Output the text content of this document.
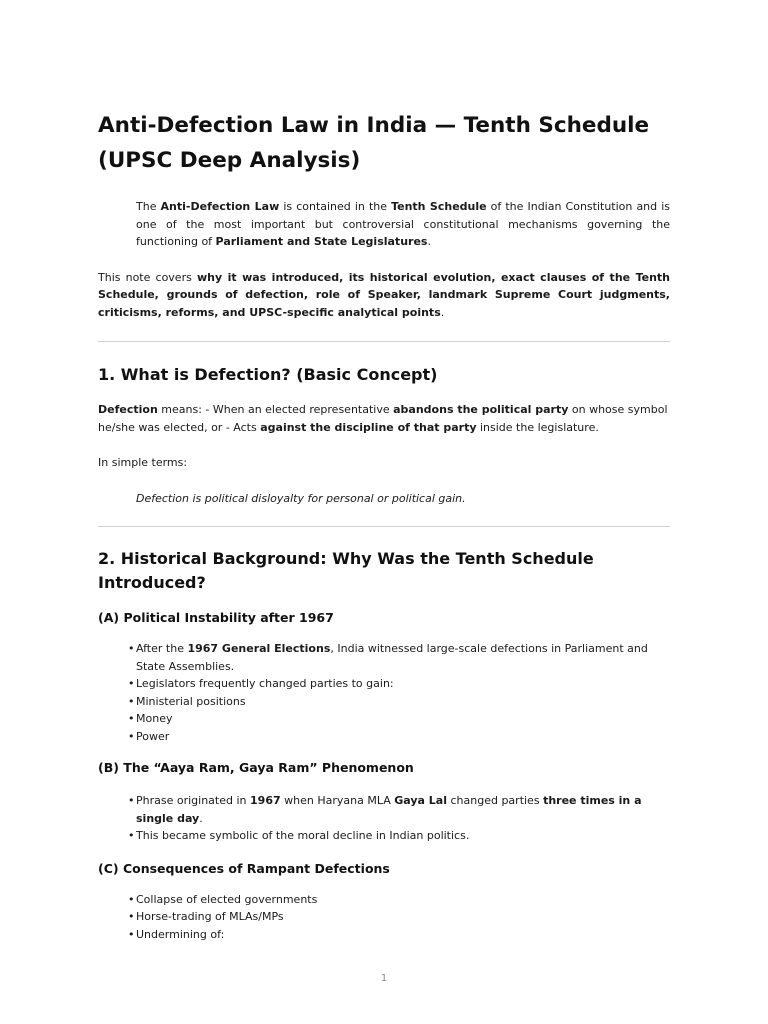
Anti-Defection Law in India — Tenth Schedule (UPSC Deep Analysis)

The Anti-Defection Law is contained in the Tenth Schedule of the Indian Constitution and is one of the most important but controversial constitutional mechanisms governing the functioning of Parliament and State Legislatures.

This note covers why it was introduced, its historical evolution, exact clauses of the Tenth Schedule, grounds of defection, role of Speaker, landmark Supreme Court judgments, criticisms, reforms, and UPSC-specific analytical points.

1. What is Defection? (Basic Concept)

Defection means: - When an elected representative abandons the political party on whose symbol he/she was elected, or - Acts against the discipline of that party inside the legislature.

In simple terms:

Defection is political disloyalty for personal or political gain.

2. Historical Background: Why Was the Tenth Schedule Introduced?
(A) Political Instability after 1967
• After the 1967 General Elections, India witnessed large-scale defections in Parliament and State Assemblies.
• Legislators frequently changed parties to gain:
• Ministerial positions
• Money
• Power
(B) The “Aaya Ram, Gaya Ram” Phenomenon
• Phrase originated in 1967 when Haryana MLA Gaya Lal changed parties three times in a single day.
• This became symbolic of the moral decline in Indian politics.
(C) Consequences of Rampant Defections
• Collapse of elected governments
• Horse-trading of MLAs/MPs
• Undermining of:
1
